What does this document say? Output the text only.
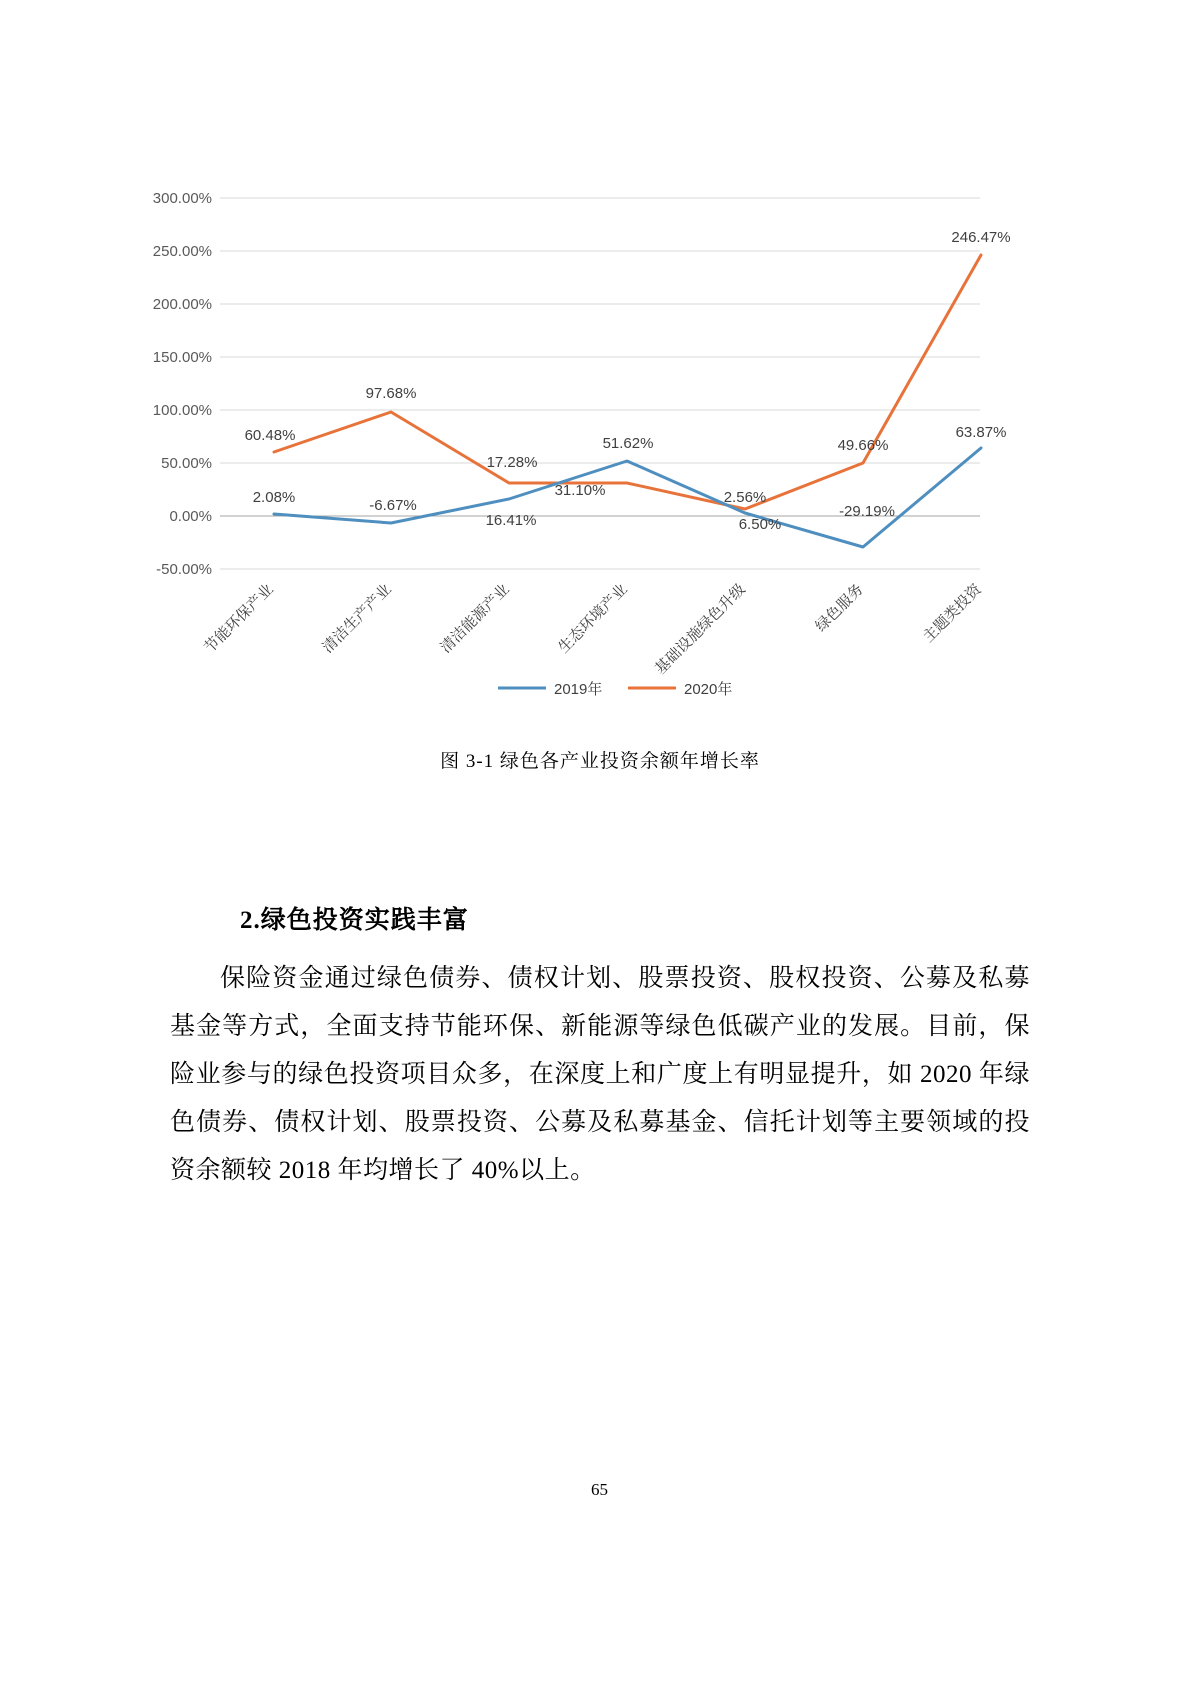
300.00%
250.00%
200.00%
150.00%
100.00%
50.00%
0.00%
-50.00%
2.08%	-6.67%
16.41%
51.62%
2.56%
-29.19%
63.87%
60.48%
97.68%
17.28%
31.10%
6.50%
49.66%
246.47%
节能环保产业	清洁生产产业	清洁能源产业	生态环境产业 基础设施绿色升级	绿色服务	主题类投资
2019年	2020年
图 3-1 绿色各产业投资余额年增长率
2.绿色投资实践丰富
保险资金通过绿色债券、债权计划、股票投资、股权投资、公募及私募基金等方式，全面支持节能环保、新能源等绿色低碳产业的发展。目前，保险业参与的绿色投资项目众多，在深度上和广度上有明显提升，如 2020 年绿色债券、债权计划、股票投资、公募及私募基金、信托计划等主要领域的投资余额较 2018 年均增长了 40%以上。
65
